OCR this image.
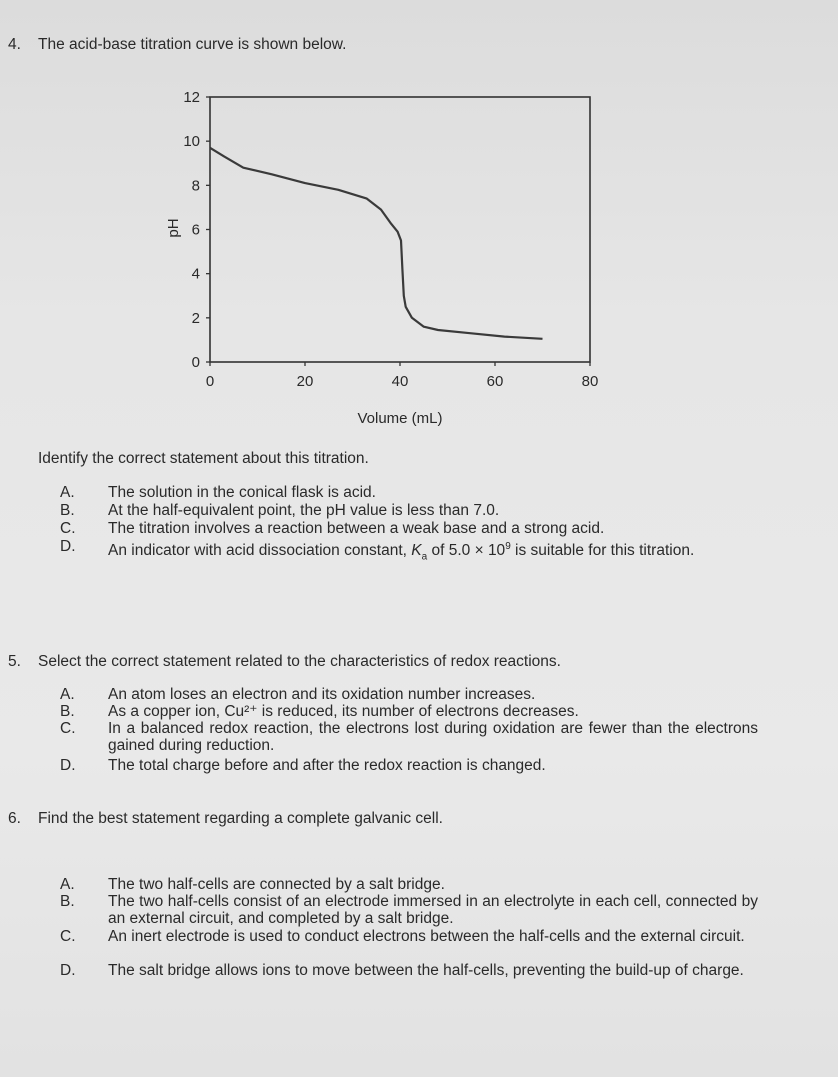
4. The acid-base titration curve is shown below.
0
2
4
6
8
10
12
0	20	40	60	80
pH
Volume (mL)
Identify the correct statement about this titration.
A. The solution in the conical flask is acid.
B. At the half-equivalent point, the pH value is less than 7.0.
C. The titration involves a reaction between a weak base and a strong acid.
D. An indicator with acid dissociation constant, $K_a$ of $5.0 \times 10^9$ is suitable for this titration.
5. Select the correct statement related to the characteristics of redox reactions.
A. An atom loses an electron and its oxidation number increases.
B. As a copper ion, Cu²⁺ is reduced, its number of electrons decreases.
C. In a balanced redox reaction, the electrons lost during oxidation are fewer than the electrons gained during reduction.
D. The total charge before and after the redox reaction is changed.
6. Find the best statement regarding a complete galvanic cell.
A. The two half-cells are connected by a salt bridge.
B. The two half-cells consist of an electrode immersed in an electrolyte in each cell, connected by an external circuit, and completed by a salt bridge.
C. An inert electrode is used to conduct electrons between the half-cells and the external circuit.
D. The salt bridge allows ions to move between the half-cells, preventing the build-up of charge.
